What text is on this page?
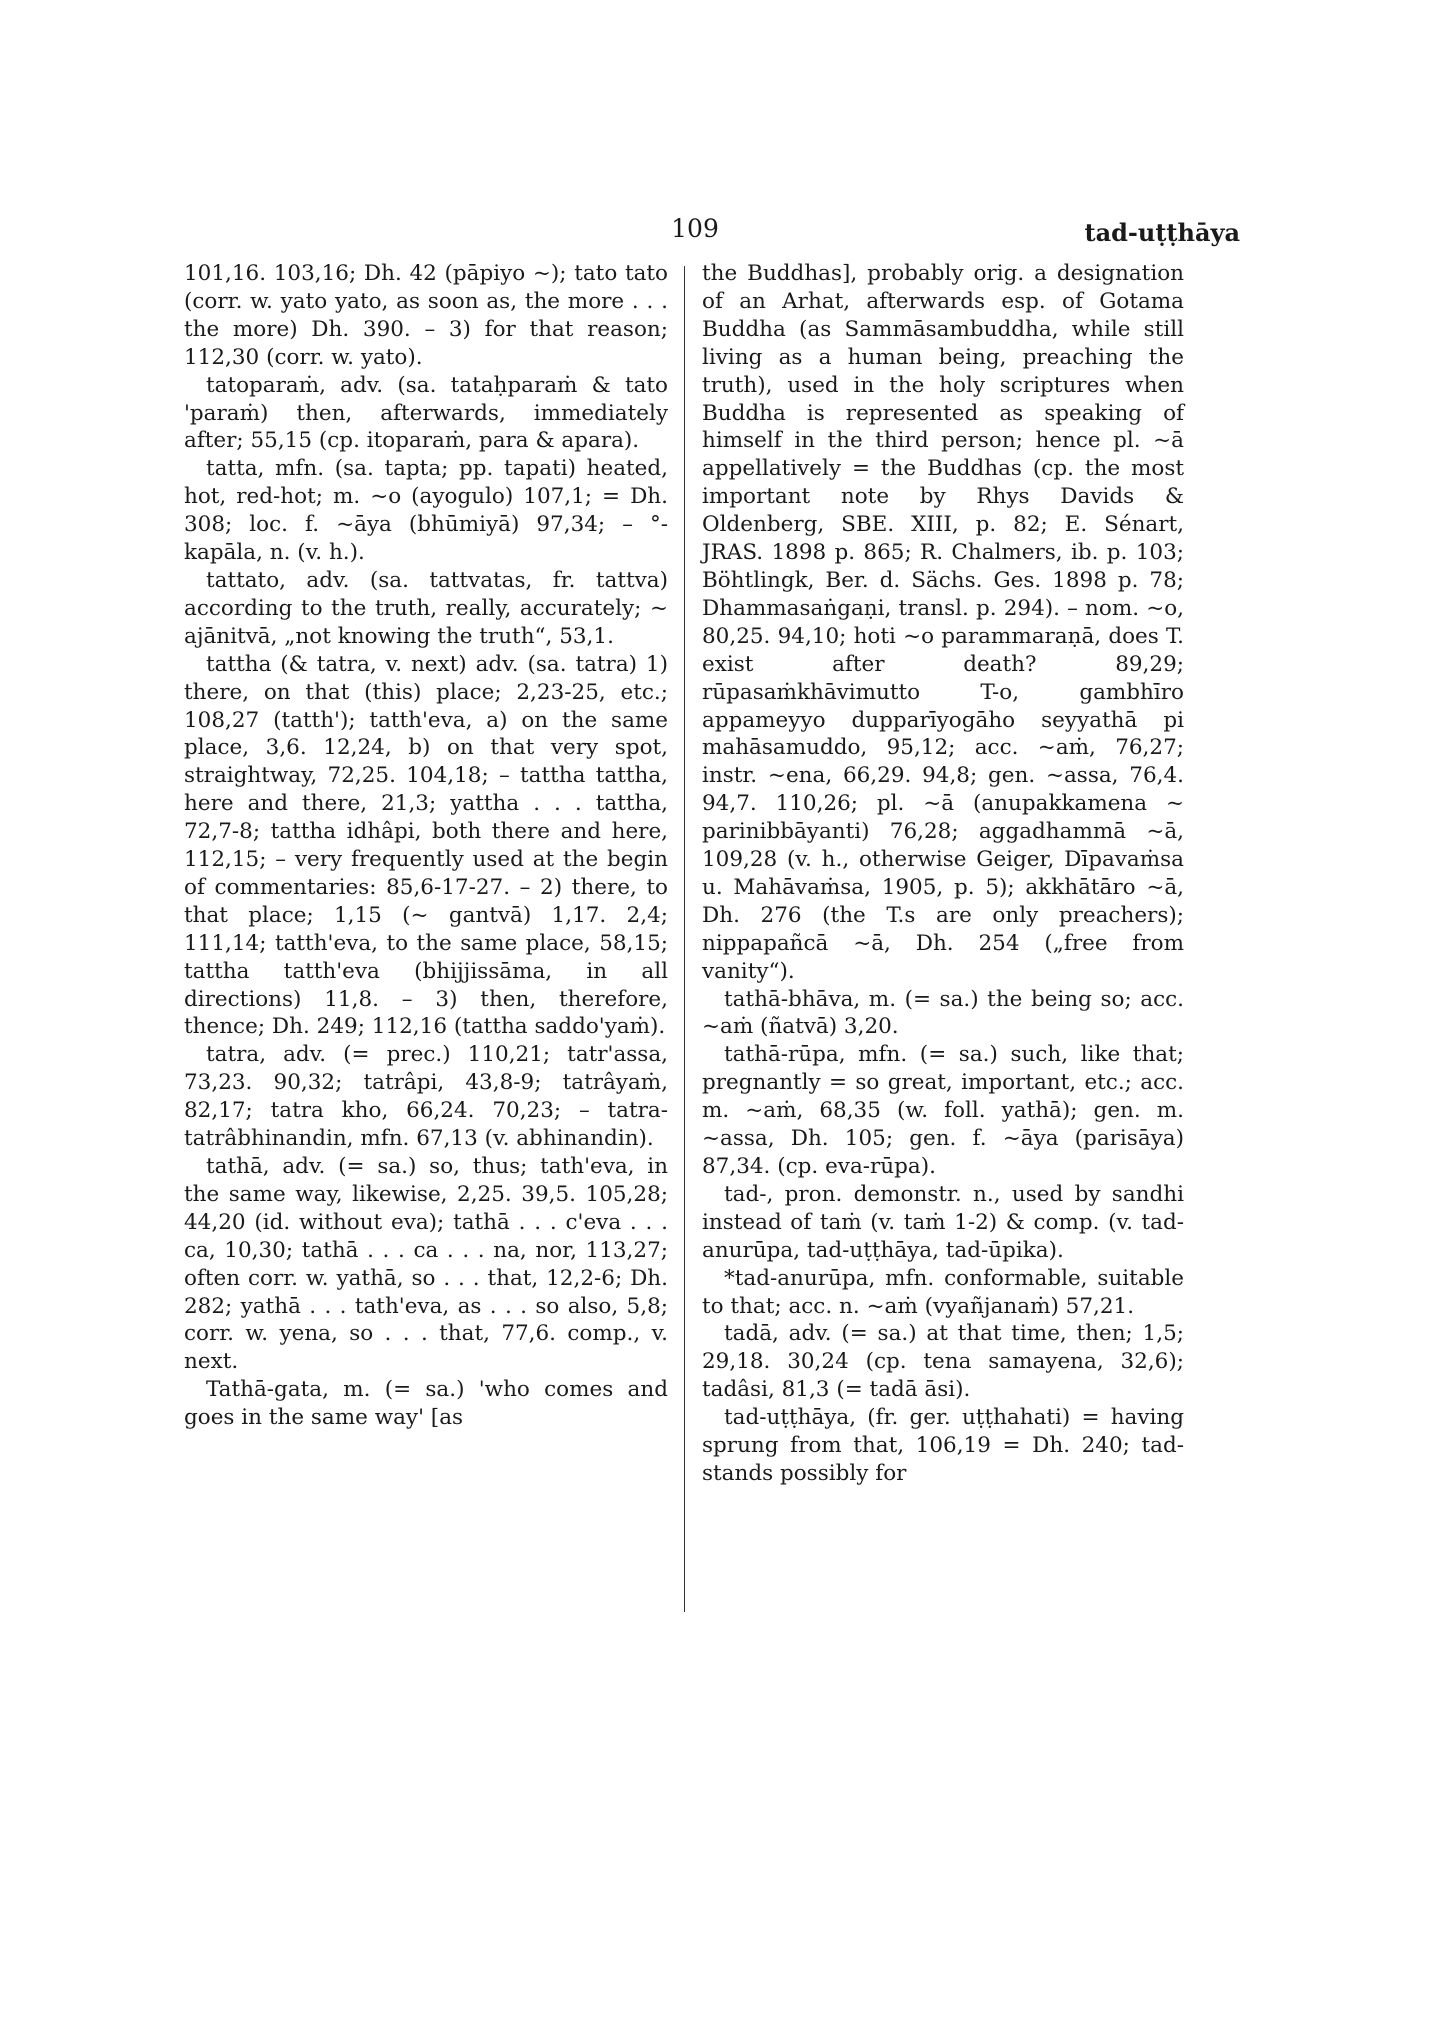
109	tad-uṭṭhāya

101,16. 103,16; Dh. 42 (pāpiyo ~); tato tato (corr. w. yato yato, as soon as, the more . . . the more) Dh. 390. – 3) for that reason; 112,30 (corr. w. yato).

tatoparaṁ, adv. (sa. tataḥparaṁ & tato 'paraṁ) then, afterwards, immediately after; 55,15 (cp. itoparaṁ, para & apara).

tatta, mfn. (sa. tapta; pp. tapati) heated, hot, red-hot; m. ~o (ayogulo) 107,1; = Dh. 308; loc. f. ~āya (bhūmiyā) 97,34; – °-kapāla, n. (v. h.).

tattato, adv. (sa. tattvatas, fr. tattva) according to the truth, really, accurately; ~ ajānitvā, „not knowing the truth“, 53,1.

tattha (& tatra, v. next) adv. (sa. tatra) 1) there, on that (this) place; 2,23-25, etc.; 108,27 (tatth'); tatth'eva, a) on the same place, 3,6. 12,24, b) on that very spot, straightway, 72,25. 104,18; – tattha tattha, here and there, 21,3; yattha . . . tattha, 72,7-8; tattha idhâpi, both there and here, 112,15; – very frequently used at the begin of commentaries: 85,6-17-27. – 2) there, to that place; 1,15 (~ gantvā) 1,17. 2,4; 111,14; tatth'eva, to the same place, 58,15; tattha tatth'eva (bhijjissāma, in all directions) 11,8. – 3) then, therefore, thence; Dh. 249; 112,16 (tattha saddo'yaṁ).

tatra, adv. (= prec.) 110,21; tatr'assa, 73,23. 90,32; tatrâpi, 43,8-9; tatrâyaṁ, 82,17; tatra kho, 66,24. 70,23; – tatra-tatrâbhinandin, mfn. 67,13 (v. abhinandin).

tathā, adv. (= sa.) so, thus; tath'eva, in the same way, likewise, 2,25. 39,5. 105,28; 44,20 (id. without eva); tathā . . . c'eva . . . ca, 10,30; tathā . . . ca . . . na, nor, 113,27; often corr. w. yathā, so . . . that, 12,2-6; Dh. 282; yathā . . . tath'eva, as . . . so also, 5,8; corr. w. yena, so . . . that, 77,6. comp., v. next.

Tathā-gata, m. (= sa.) 'who comes and goes in the same way' [as

the Buddhas], probably orig. a designation of an Arhat, afterwards esp. of Gotama Buddha (as Sammāsambuddha, while still living as a human being, preaching the truth), used in the holy scriptures when Buddha is represented as speaking of himself in the third person; hence pl. ~ā appellatively = the Buddhas (cp. the most important note by Rhys Davids & Oldenberg, SBE. XIII, p. 82; E. Sénart, JRAS. 1898 p. 865; R. Chalmers, ib. p. 103; Böhtlingk, Ber. d. Sächs. Ges. 1898 p. 78; Dhammasaṅgaṇi, transl. p. 294). – nom. ~o, 80,25. 94,10; hoti ~o parammaraṇā, does T. exist after death? 89,29; rūpasaṁkhāvimutto T-o, gambhīro appameyyo dupparīyogāho seyyathā pi mahāsamuddo, 95,12; acc. ~aṁ, 76,27; instr. ~ena, 66,29. 94,8; gen. ~assa, 76,4. 94,7. 110,26; pl. ~ā (anupakkamena ~ parinibbāyanti) 76,28; aggadhammā ~ā, 109,28 (v. h., otherwise Geiger, Dīpavaṁsa u. Mahāvaṁsa, 1905, p. 5); akkhātāro ~ā, Dh. 276 (the T.s are only preachers); nippapañcā ~ā, Dh. 254 („free from vanity“).

tathā-bhāva, m. (= sa.) the being so; acc. ~aṁ (ñatvā) 3,20.

tathā-rūpa, mfn. (= sa.) such, like that; pregnantly = so great, important, etc.; acc. m. ~aṁ, 68,35 (w. foll. yathā); gen. m. ~assa, Dh. 105; gen. f. ~āya (parisāya) 87,34. (cp. eva-rūpa).

tad-, pron. demonstr. n., used by sandhi instead of taṁ (v. taṁ 1-2) & comp. (v. tad-anurūpa, tad-uṭṭhāya, tad-ūpika).

*tad-anurūpa, mfn. conformable, suitable to that; acc. n. ~aṁ (vyañjanaṁ) 57,21.

tadā, adv. (= sa.) at that time, then; 1,5; 29,18. 30,24 (cp. tena samayena, 32,6); tadâsi, 81,3 (= tadā āsi).

tad-uṭṭhāya, (fr. ger. uṭṭhahati) = having sprung from that, 106,19 = Dh. 240; tad- stands possibly for
